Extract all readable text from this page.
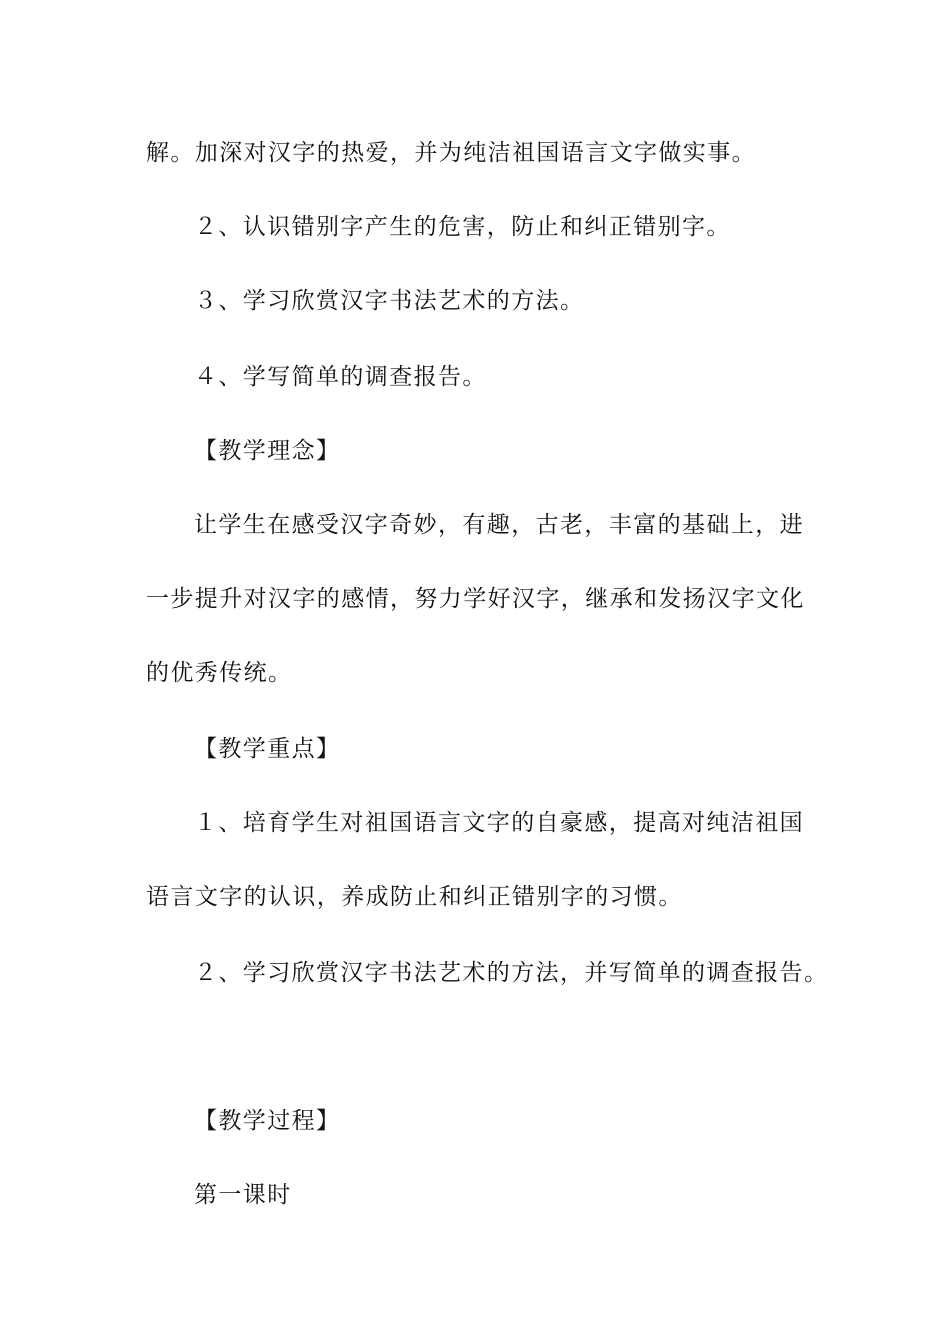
解。加深对汉字的热爱，并为纯洁祖国语言文字做实事。

２、认识错别字产生的危害，防止和纠正错别字。

３、学习欣赏汉字书法艺术的方法。

４、学写简单的调查报告。

【教学理念】

让学生在感受汉字奇妙，有趣，古老，丰富的基础上，进

一步提升对汉字的感情，努力学好汉字，继承和发扬汉字文化

的优秀传统。

【教学重点】

１、培育学生对祖国语言文字的自豪感，提高对纯洁祖国

语言文字的认识，养成防止和纠正错别字的习惯。

２、学习欣赏汉字书法艺术的方法，并写简单的调查报告。

【教学过程】

第一课时
